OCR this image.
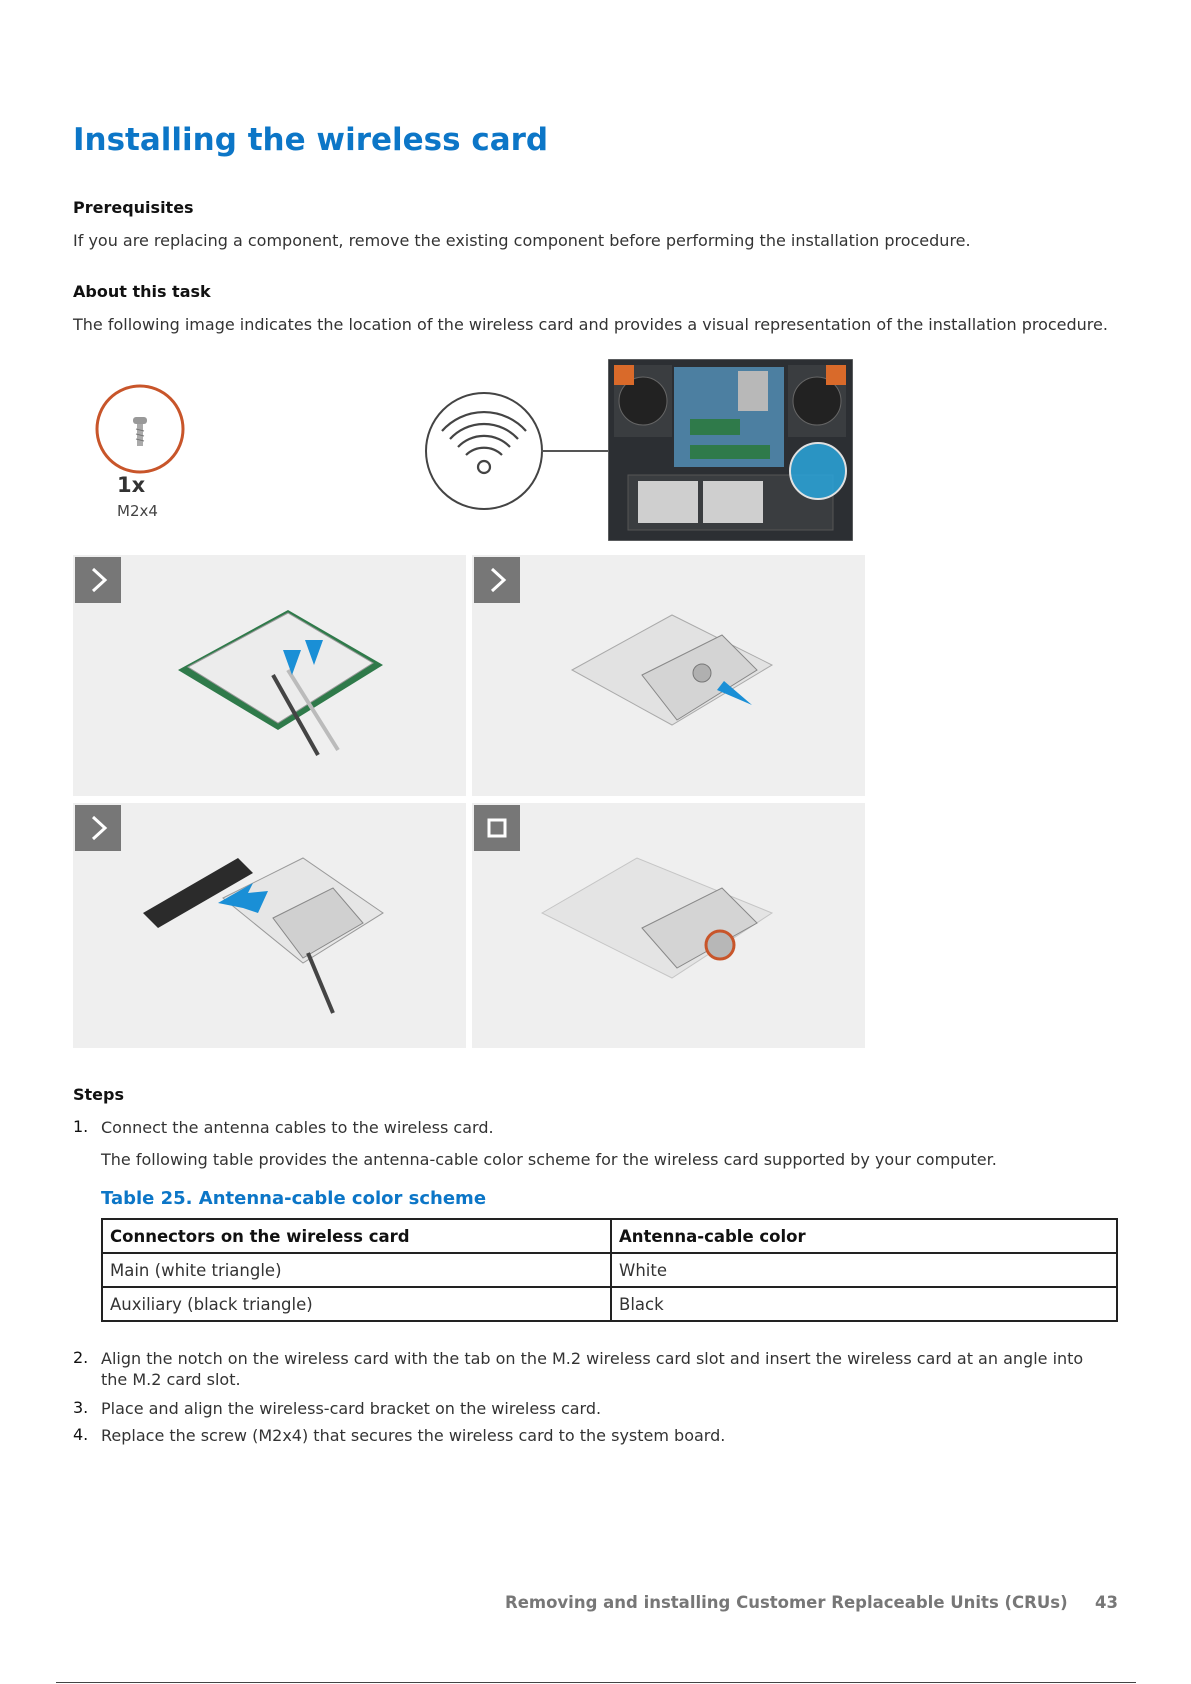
Installing the wireless card
Prerequisites
If you are replacing a component, remove the existing component before performing the installation procedure.
About this task
The following image indicates the location of the wireless card and provides a visual representation of the installation procedure.
1x
M2x4
Steps
1. Connect the antenna cables to the wireless card.
The following table provides the antenna-cable color scheme for the wireless card supported by your computer.
Table 25. Antenna-cable color scheme
Connectors on the wireless card	Antenna-cable color
Main (white triangle)	White
Auxiliary (black triangle)	Black
2. Align the notch on the wireless card with the tab on the M.2 wireless card slot and insert the wireless card at an angle into the M.2 card slot.
3. Place and align the wireless-card bracket on the wireless card.
4. Replace the screw (M2x4) that secures the wireless card to the system board.
Removing and installing Customer Replaceable Units (CRUs) 43
